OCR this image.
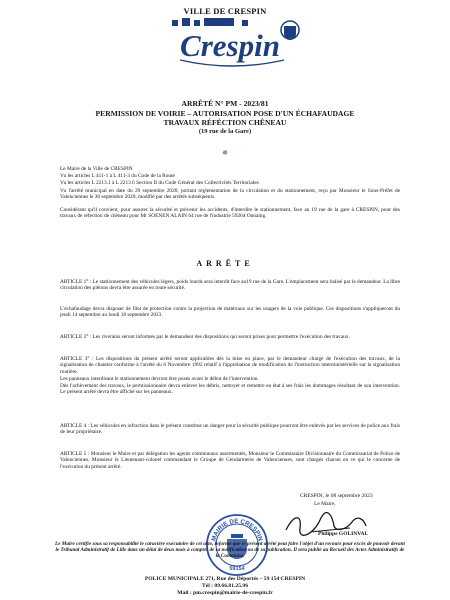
VILLE DE CRESPIN
59154
Crespin
ARRÊTÉ N° PM - 2023/81
PERMISSION DE VOIRIE – AUTORISATION POSE D'UN ÉCHAFAUDAGE
TRAVAUX RÉFÉCTION CHÊNEAU
(19 rue de la Gare)
✵
Le Maire de la Ville de CRESPIN
Vu les articles L 411-1 à L 411-3 du Code de la Route
Vu les articles L 2213.1 à L 2213.6 Section II du Code Général des Collectivités Territoriales
Vu l'arrêté municipal en date du 29 septembre 2020, portant réglementation de la circulation et du stationnement, reçu par Monsieur le Sous-Préfet de Valenciennes le 30 septembre 2020, modifié par des arrêtés subséquents.
Considérant qu'il convient, pour assurer la sécurité et prévenir les accidents, d'interdire le stationnement, face au 19 rue de la gare à CRESPIN, pour des travaux de réfection de chêneau pour Mr SOENEN ALAIN 64 rue de l'industrie 59264 Onnaing.
ARRÊTE
ARTICLE 1° : Le stationnement des véhicules légers, poids lourds sera interdit face au19 rue de la Gare. L'emplacement sera balisé par le demandeur. La libre circulation des piétons devra être assurée en toute sécurité.
L'échafaudage devra disposer de filet de protection contre la projection de matériaux sur les usagers de la voie publique. Ces dispositions s'appliqueront du jeudi 14 septembre au lundi 18 septembre 2023.
ARTICLE 2° : Les riverains seront informés par le demandeur des dispositions qui seront prises pour permettre l'exécution des travaux.
ARTICLE 3° : Les dispositions du présent arrêté seront applicables dès la mise en place, par le demandeur chargé de l'exécution des travaux, de la signalisation de chantier conforme à l'arrêté du 6 Novembre 1992 relatif à l'approbation de modification de l'instruction interministérielle sur la signalisation routière.
Les panneaux interdisant le stationnement devront être posés avant le début de l'intervention.
Dès l'achèvement des travaux, le permissionnaire devra enlever les débris, nettoyer et remettre en état à ses frais les dommages résultant de son intervention. Le présent arrêté devra être affiché sur les panneaux.
ARTICLE 4 : Les véhicules en infraction dans le présent constitue un danger pour la sécurité publique pourront être enlevés par les services de police aux frais de leur propriétaire.
ARTICLE 5 : Monsieur le Maire et par délégation les agents communaux assermentés, Monsieur le Commissaire Divisionnaire du Commissariat de Police de Valenciennes, Monsieur le Lieutenant-colonel commandant le Groupe de Gendarmerie de Valenciennes, sont chargés chacun en ce qui le concerne de l'exécution du présent arrêté.
CRESPIN, le 08 septembre 2023
Le Maire,
MAIRIE DE CRESPIN
59154
Philippe GOLINVAL
Le Maire certifie sous sa responsabilité le caractère exécutoire de cet acte, informe que le présent arrêté peut faire l'objet d'un recours pour excès de pouvoir devant le Tribunal Administratif de Lille dans un délai de deux mois à compter de sa notification ou de sa publication. Il sera publié au Recueil des Actes Administratifs de la Commune.
POLICE MUNICIPALE 271, Rue des Déportés – 59 154 CRESPIN
Tél : 09.66.81.25.96
Mail : pm.crespin@mairie-de-crespin.fr
